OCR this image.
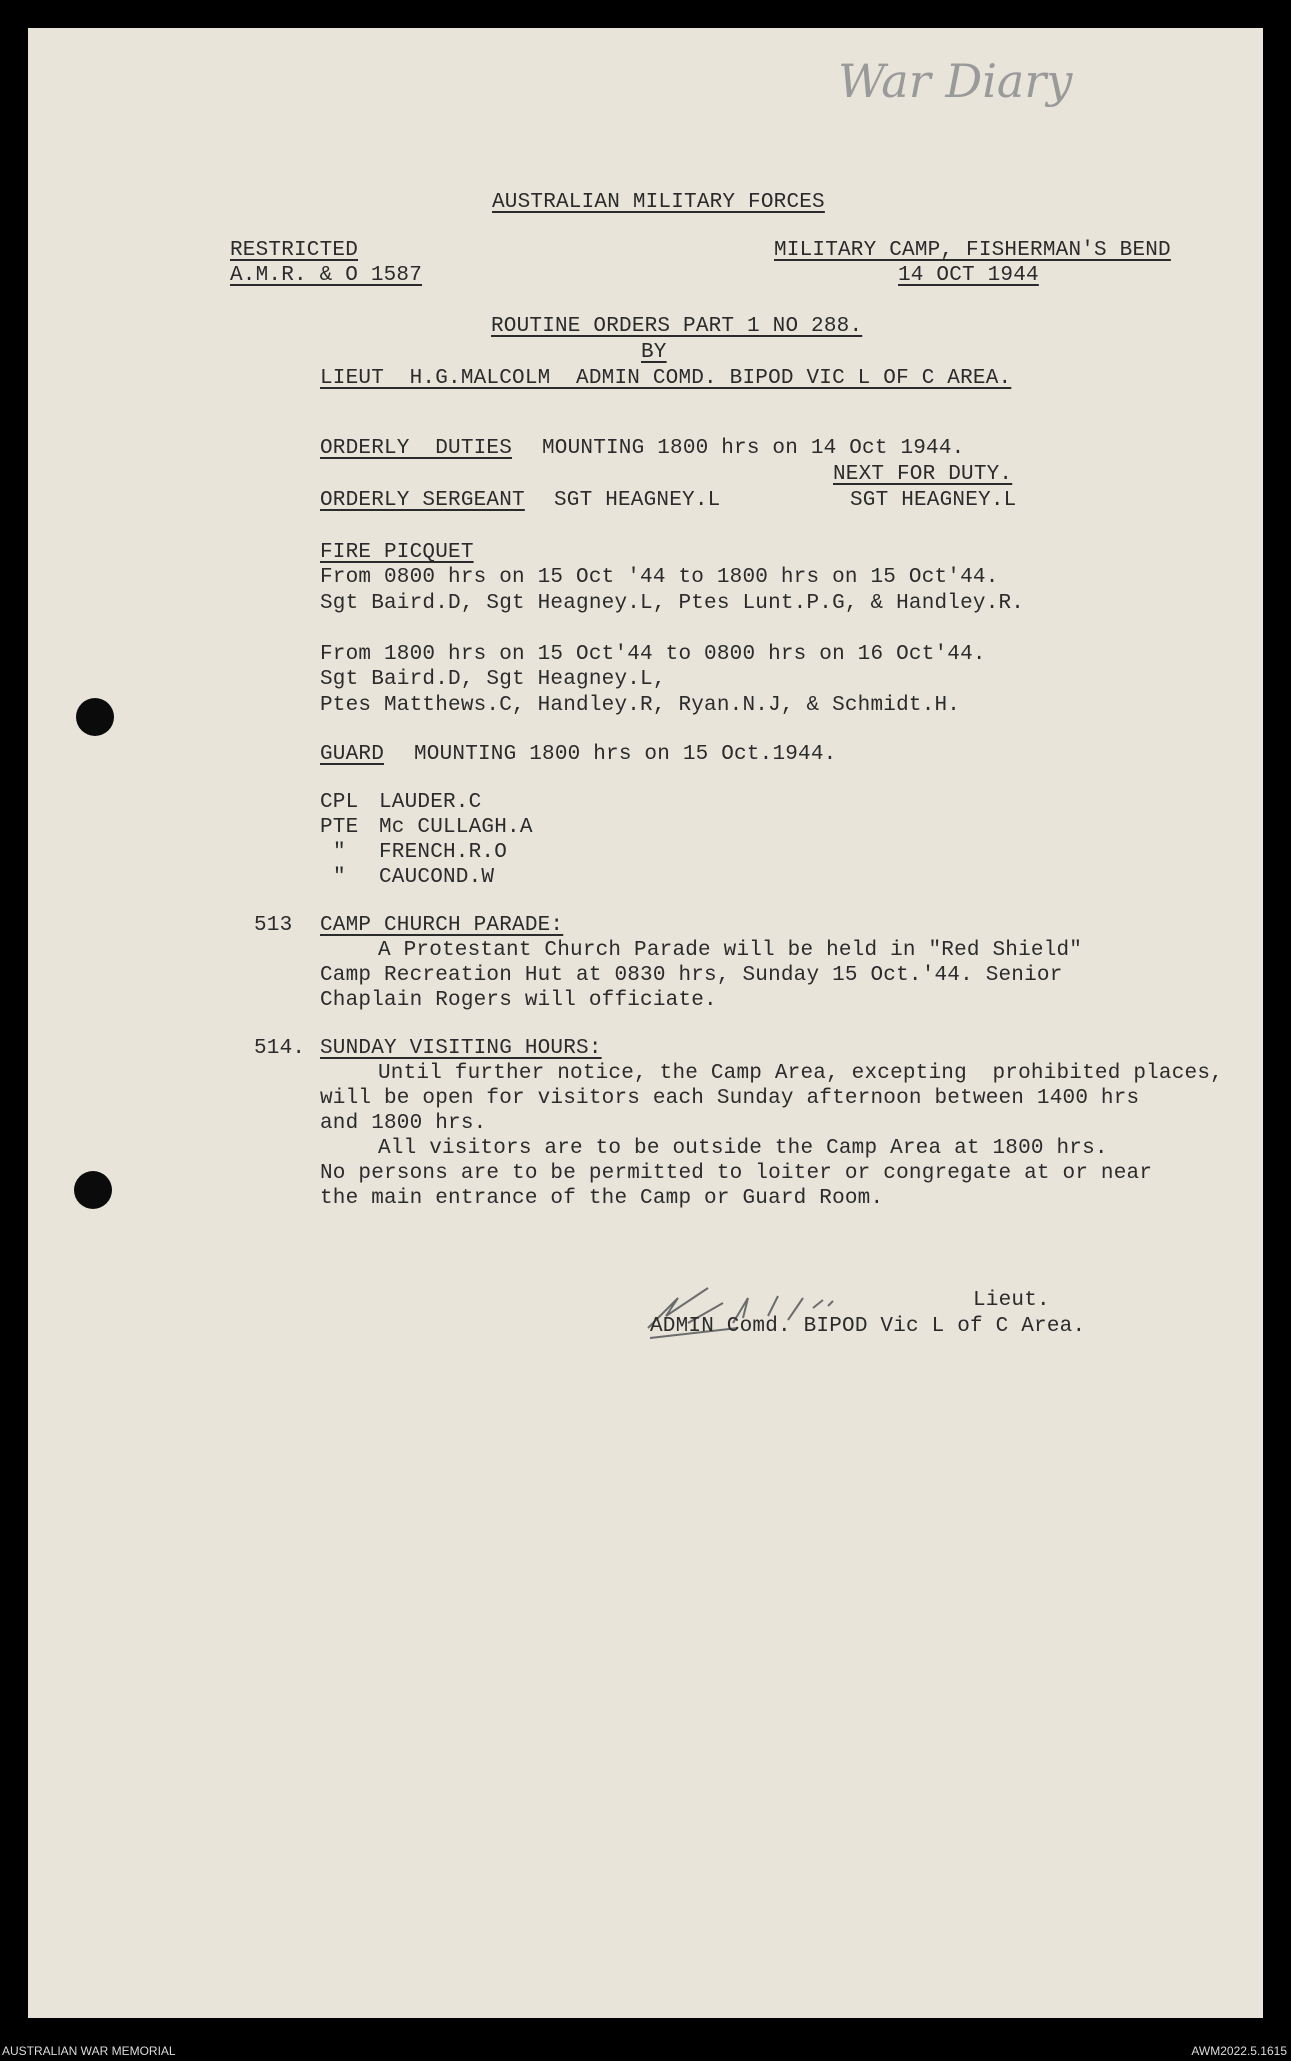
War Diary
AUSTRALIAN MILITARY FORCES
RESTRICTED
A.M.R. & O 1587
MILITARY CAMP, FISHERMAN'S BEND
14 OCT 1944
ROUTINE ORDERS PART 1 NO 288.
BY
LIEUT  H.G.MALCOLM  ADMIN COMD. BIPOD VIC L OF C AREA.
ORDERLY  DUTIES MOUNTING 1800 hrs on 14 Oct 1944.
NEXT FOR DUTY.
ORDERLY SERGEANT SGT HEAGNEY.L	SGT HEAGNEY.L
FIRE PICQUET
From 0800 hrs on 15 Oct '44 to 1800 hrs on 15 Oct'44.
Sgt Baird.D, Sgt Heagney.L, Ptes Lunt.P.G, & Handley.R.
From 1800 hrs on 15 Oct'44 to 0800 hrs on 16 Oct'44.
Sgt Baird.D, Sgt Heagney.L,
Ptes Matthews.C, Handley.R, Ryan.N.J, & Schmidt.H.
GUARD MOUNTING 1800 hrs on 15 Oct.1944.
CPL LAUDER.C
PTE Mc CULLAGH.A
" FRENCH.R.O
" CAUCOND.W
513 CAMP CHURCH PARADE:
A Protestant Church Parade will be held in "Red Shield"
Camp Recreation Hut at 0830 hrs, Sunday 15 Oct.'44. Senior
Chaplain Rogers will officiate.
514. SUNDAY VISITING HOURS:
Until further notice, the Camp Area, excepting  prohibited places,
will be open for visitors each Sunday afternoon between 1400 hrs
and 1800 hrs.
All visitors are to be outside the Camp Area at 1800 hrs.
No persons are to be permitted to loiter or congregate at or near
the main entrance of the Camp or Guard Room.
Lieut.
ADMIN Comd. BIPOD Vic L of C Area.
AUSTRALIAN WAR MEMORIAL	AWM2022.5.1615
